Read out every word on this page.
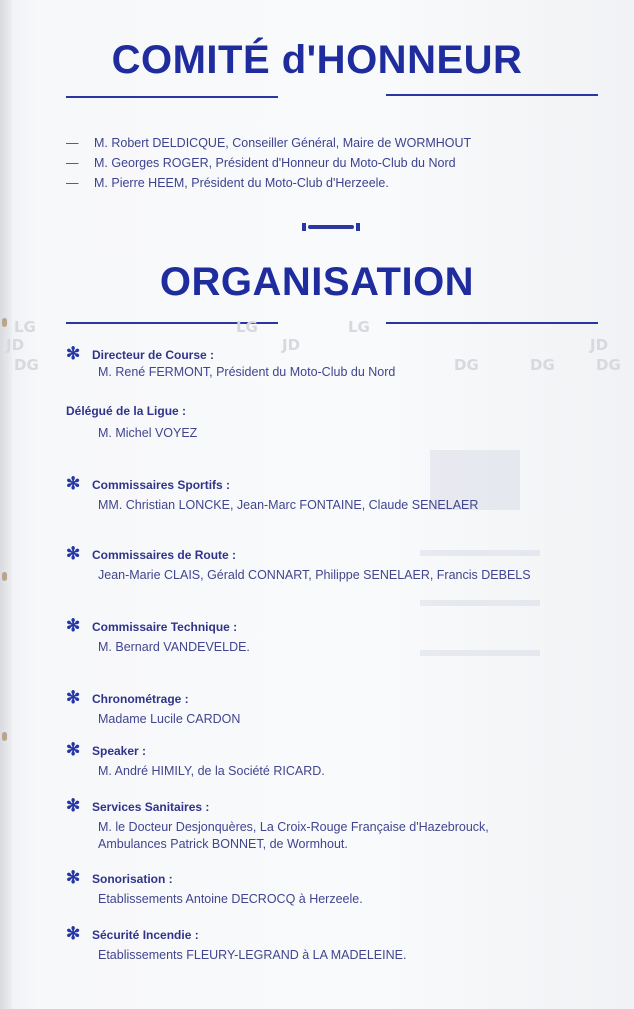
COMITÉ d'HONNEUR
— M. Robert DELDICQUE, Conseiller Général, Maire de WORMHOUT
— M. Georges ROGER, Président d'Honneur du Moto-Club du Nord
— M. Pierre HEEM, Président du Moto-Club d'Herzeele.
ORGANISATION
LG
JD
DG
LG
JD
LG
DG	DG	DG
JD
✻ Directeur de Course :
M. René FERMONT, Président du Moto-Club du Nord
Délégué de la Ligue :
M. Michel VOYEZ
✻ Commissaires Sportifs :
MM. Christian LONCKE, Jean-Marc FONTAINE, Claude SENELAER
✻ Commissaires de Route :
Jean-Marie CLAIS, Gérald CONNART, Philippe SENELAER, Francis DEBELS
✻ Commissaire Technique :
M. Bernard VANDEVELDE.
✻ Chronométrage :
Madame Lucile CARDON
✻ Speaker :
M. André HIMILY, de la Société RICARD.
✻ Services Sanitaires :
M. le Docteur Desjonquères, La Croix-Rouge Française d'Hazebrouck,
Ambulances Patrick BONNET, de Wormhout.
✻ Sonorisation :
Etablissements Antoine DECROCQ à Herzeele.
✻ Sécurité Incendie :
Etablissements FLEURY-LEGRAND à LA MADELEINE.
